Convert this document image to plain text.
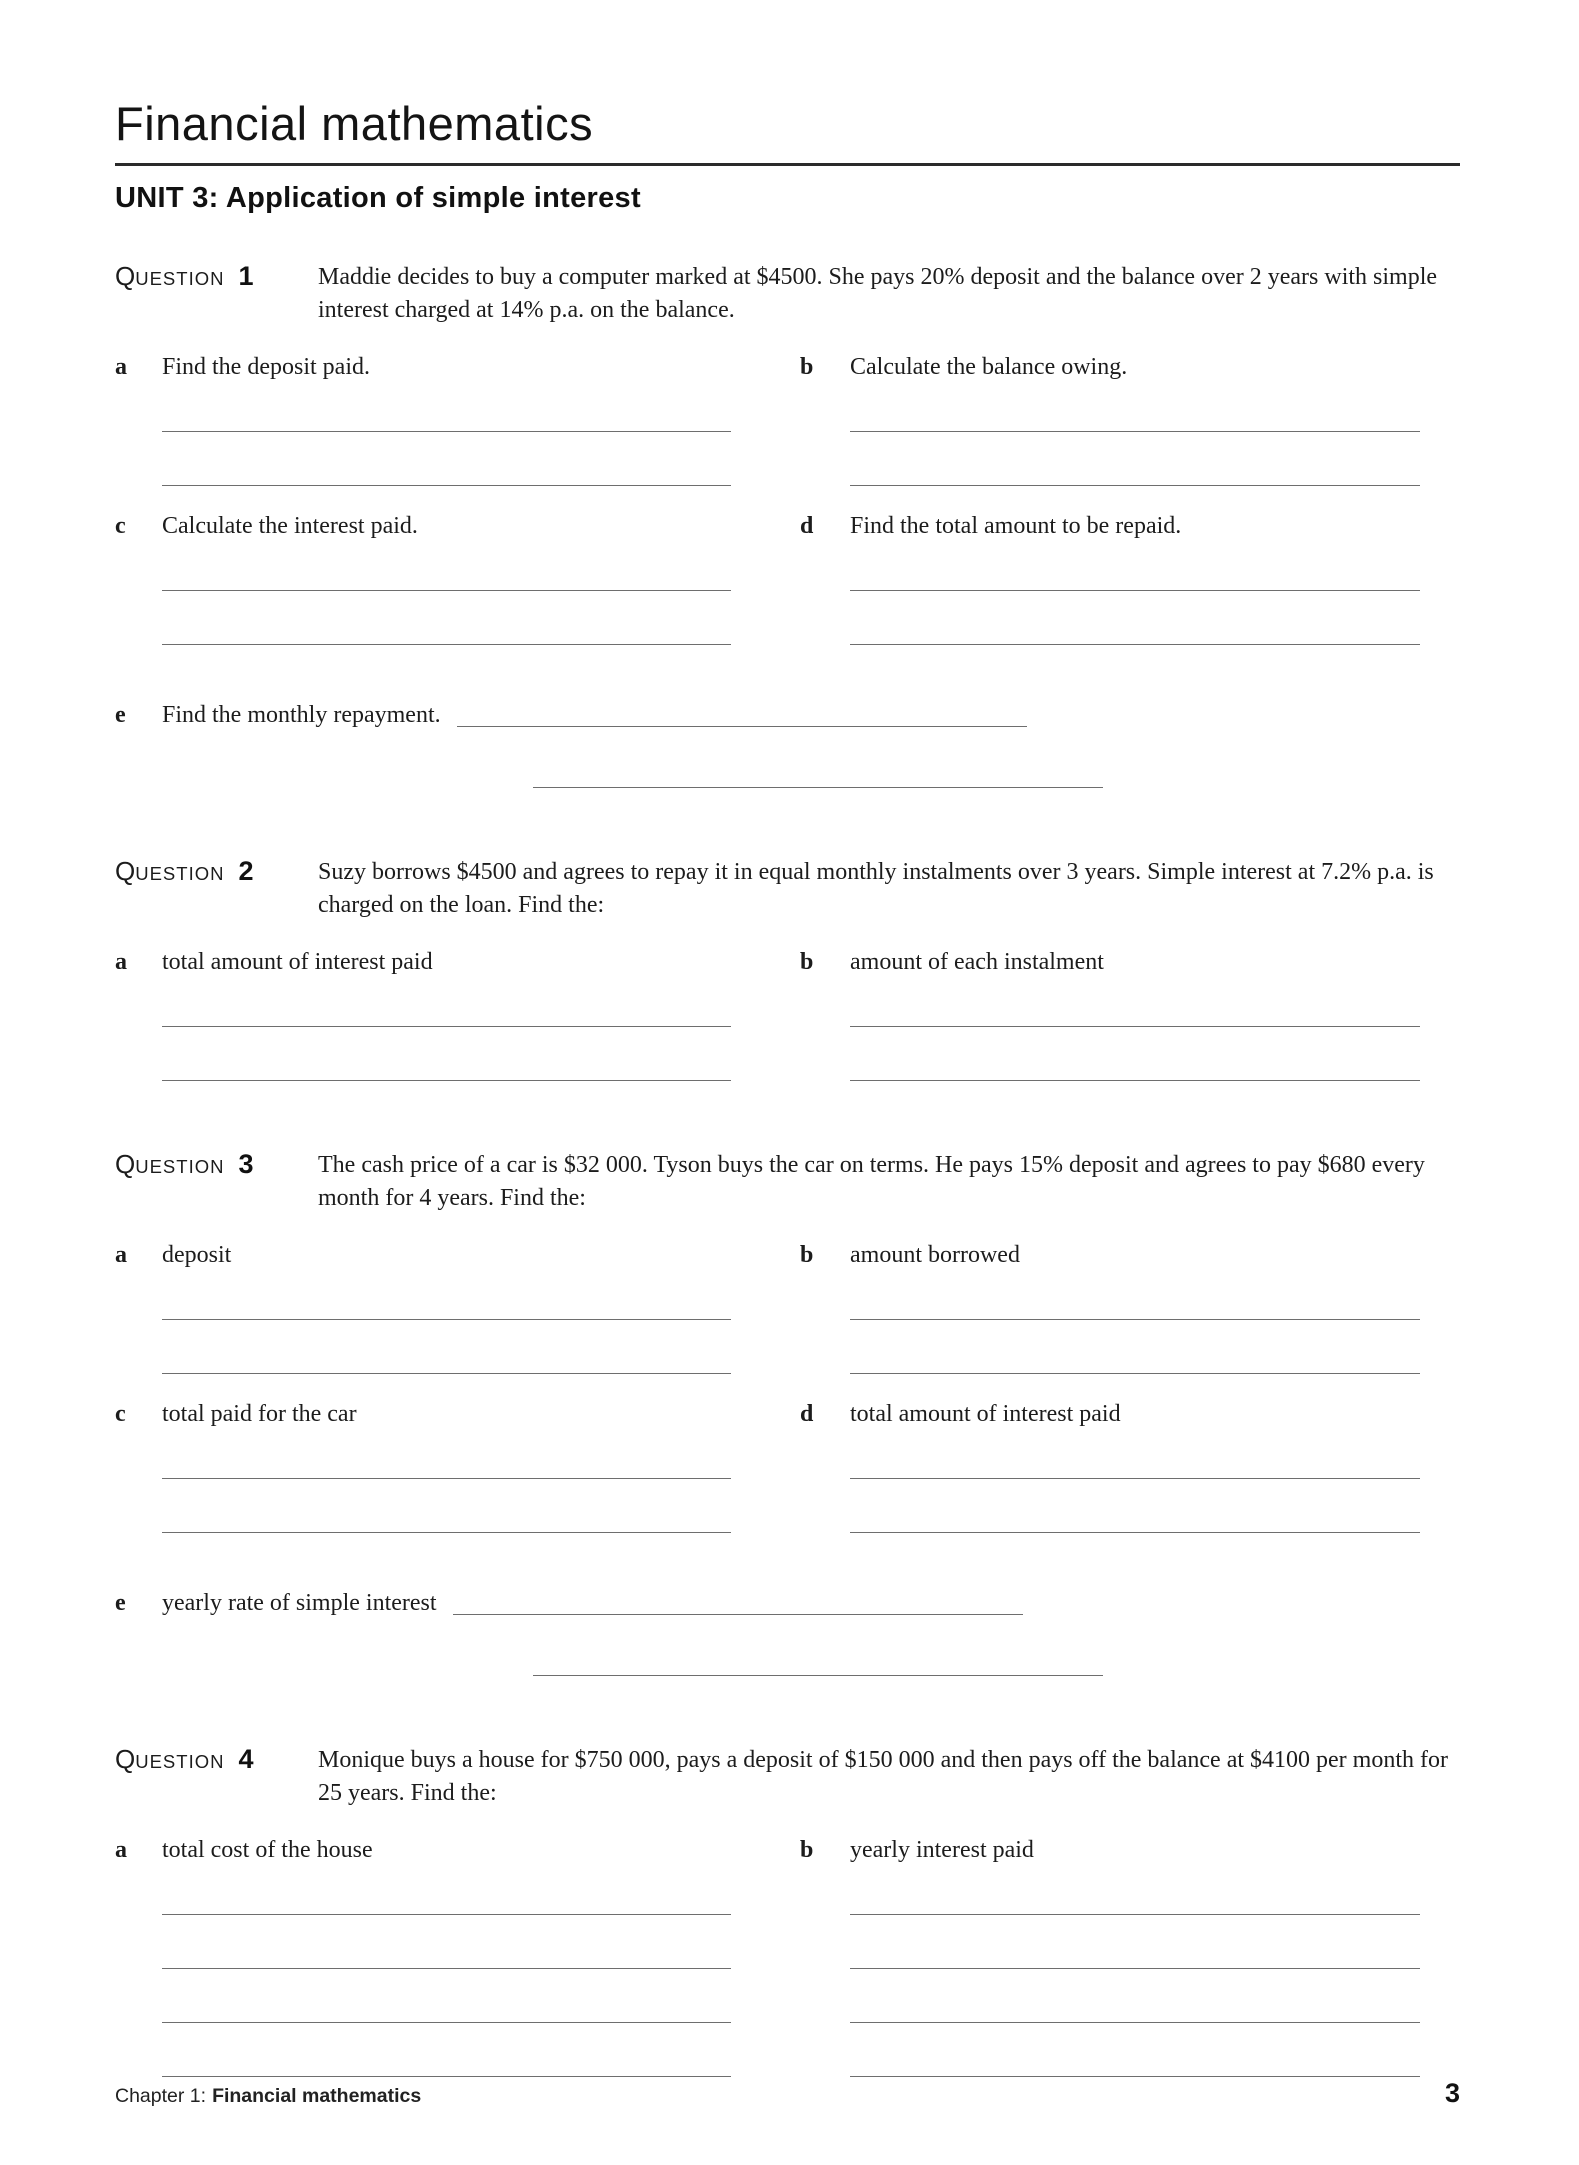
Financial mathematics
UNIT 3: Application of simple interest
QUESTION 1	Maddie decides to buy a computer marked at $4500. She pays 20% deposit and the balance over 2 years with simple interest charged at 14% p.a. on the balance.

a	Find the deposit paid.	b	Calculate the balance owing.
c	Calculate the interest paid.	d	Find the total amount to be repaid.
e	Find the monthly repayment.
QUESTION 2	Suzy borrows $4500 and agrees to repay it in equal monthly instalments over 3 years. Simple interest at 7.2% p.a. is charged on the loan. Find the:

a	total amount of interest paid	b	amount of each instalment
QUESTION 3	The cash price of a car is $32 000. Tyson buys the car on terms. He pays 15% deposit and agrees to pay $680 every month for 4 years. Find the:

a	deposit	b	amount borrowed
c	total paid for the car	d	total amount of interest paid
e	yearly rate of simple interest
QUESTION 4	Monique buys a house for $750 000, pays a deposit of $150 000 and then pays off the balance at $4100 per month for 25 years. Find the:

a	total cost of the house	b	yearly interest paid
Chapter 1: Financial mathematics	3
